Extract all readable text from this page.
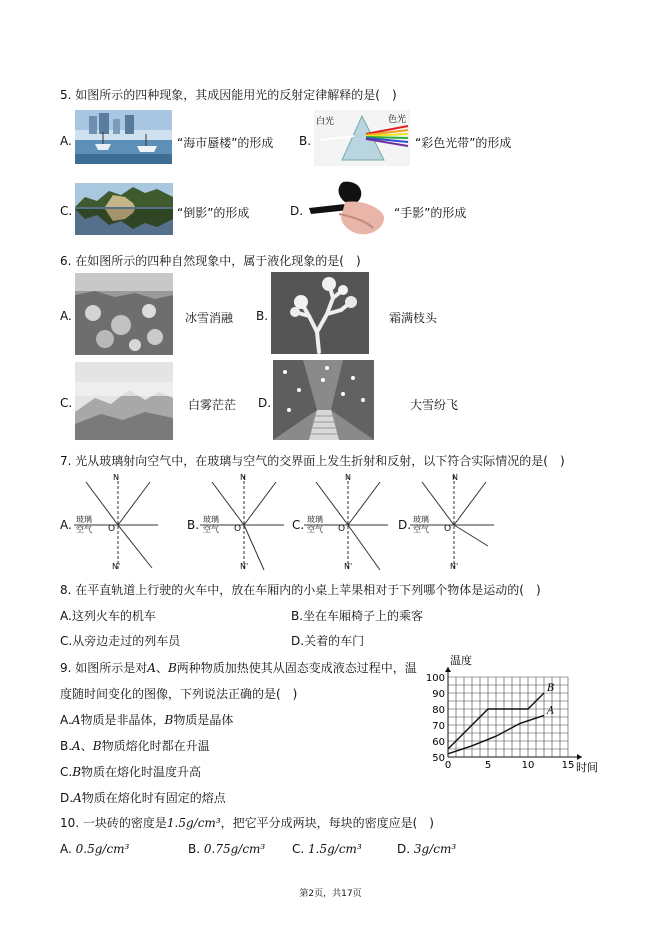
5. 如图所示的四种现象，其成因能用光的反射定律解释的是(　)
A.	“海市蜃楼”的形成 B.
白光	色光
“彩色光带”的形成
C.	“倒影”的形成	D.	“手影”的形成
6. 在如图所示的四种自然现象中，属于液化现象的是(　)
A.	冰雪消融 B.	霜满枝头
C.	白雾茫茫 D.	大雪纷飞
7. 光从玻璃射向空气中，在玻璃与空气的交界面上发生折射和反射，以下符合实际情况的是(　)
A.
N
N'
O
玻璃
空气	B.
N
N'
O
玻璃
空气	C.
N
N'
O
玻璃
空气	D.
N
N'
O
玻璃
空气
8. 在平直轨道上行驶的火车中，放在车厢内的小桌上苹果相对于下列哪个物体是运动的(　)
A.这列火车的机车	B.坐在车厢椅子上的乘客
C.从旁边走过的列车员	D.关着的车门
9. 如图所示是对A、B两种物质加热使其从固态变成液态过程中，温
度随时间变化的图像，下列说法正确的是(　)
A.A物质是非晶体，B物质是晶体
B.A、B物质熔化时都在升温
C.B物质在熔化时温度升高
D.A物质在熔化时有固定的熔点
50
60
70
80
90
100
0	5	10	15
温度
时间
B
A
10. 一块砖的密度是1.5g/cm³，把它平分成两块，每块的密度应是(　)
A. 0.5g/cm³	B. 0.75g/cm³ C. 1.5g/cm³	D. 3g/cm³
第2页，共17页
